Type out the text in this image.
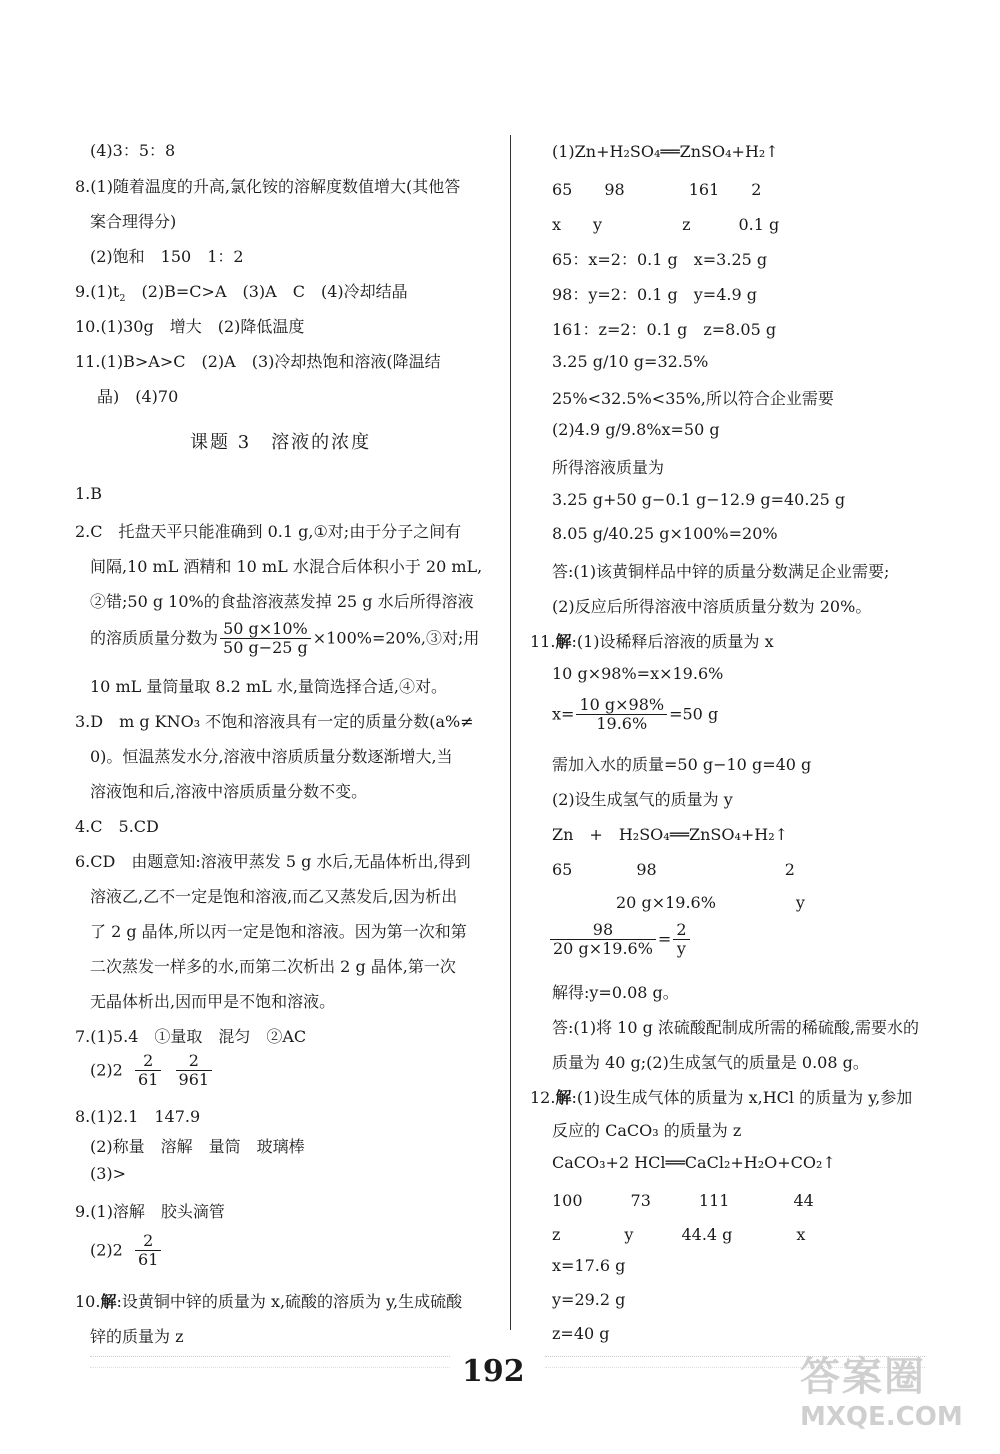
(4)3：5：8
8.(1)随着温度的升高,氯化铵的溶解度数值增大(其他答
案合理得分)
(2)饱和　150　1：2
$9.(1)t_2$　(2)B=C>A　(3)A　C　(4)冷却结晶
10.(1)30g　增大　(2)降低温度
11.(1)B>A>C　(2)A　(3)冷却热饱和溶液(降温结
晶)　(4)70
课题 3　溶液的浓度
1.B
2.C　托盘天平只能准确到 0.1 g,①对;由于分子之间有
间隔,10 mL 酒精和 10 mL 水混合后体积小于 20 mL,
②错;50 g 10%的食盐溶液蒸发掉 25 g 水后所得溶液
的溶质质量分数为 $\frac{50 g\times 10\%}{50 g-25 g}$ ×100%=20%,③对;用
10 mL 量筒量取 8.2 mL 水,量筒选择合适,④对。
3.D　m g KNO₃ 不饱和溶液具有一定的质量分数(a%≠
0)。恒温蒸发水分,溶液中溶质质量分数逐渐增大,当
溶液饱和后,溶液中溶质质量分数不变。
4.C　5.CD
6.CD　由题意知:溶液甲蒸发 5 g 水后,无晶体析出,得到
溶液乙,乙不一定是饱和溶液,而乙又蒸发后,因为析出
了 2 g 晶体,所以丙一定是饱和溶液。因为第一次和第
二次蒸发一样多的水,而第二次析出 2 g 晶体,第一次
无晶体析出,因而甲是不饱和溶液。
7.(1)5.4　①量取　混匀　②AC
$(2)2 \frac{2}{61}$
$\frac{2}{961}$
8.(1)2.1　147.9
(2)称量　溶解　量筒　玻璃棒
(3)>
9.(1)溶解　胶头滴管
$(2)2 \frac{2}{61}$
10.解:设黄铜中锌的质量为 x,硫酸的溶质为 y,生成硫酸
锌的质量为 z
(1)Zn+H₂SO₄══ZnSO₄+H₂↑
65　　98　　　　161　　2
x　　y　　　　　z　　　0.1 g
65：x=2：0.1 g　x=3.25 g
98：y=2：0.1 g　y=4.9 g
161：z=2：0.1 g　z=8.05 g
3.25 g/10 g=32.5%
25%<32.5%<35%,所以符合企业需要
(2)4.9 g/9.8%x=50 g
所得溶液质量为
3.25 g+50 g−0.1 g−12.9 g=40.25 g
8.05 g/40.25 g×100%=20%
答:(1)该黄铜样品中锌的质量分数满足企业需要;
(2)反应后所得溶液中溶质质量分数为 20%。
11.解:(1)设稀释后溶液的质量为 x
10 g×98%=x×19.6%
$x= \frac{10 g\times 98\%}{19.6\%} =50$ g
需加入水的质量=50 g−10 g=40 g
(2)设生成氢气的质量为 y
Zn　+　H₂SO₄══ZnSO₄+H₂↑
65　　　　98　　　　　　　　2
　　　　20 g×19.6%　　　　　y
$\frac{98}{20 g\times 19.6\%} = \frac{2}{y}$
解得:y=0.08 g。
答:(1)将 10 g 浓硫酸配制成所需的稀硫酸,需要水的
质量为 40 g;(2)生成氢气的质量是 0.08 g。
12.解:(1)设生成气体的质量为 x,HCl 的质量为 y,参加
反应的 CaCO₃ 的质量为 z
CaCO₃+2 HCl══CaCl₂+H₂O+CO₂↑
100　　　73　　　111　　　　44
z　　　　y　　　44.4 g　　　　x
x=17.6 g
y=29.2 g
z=40 g
192	答案圈
MXQE.COM
